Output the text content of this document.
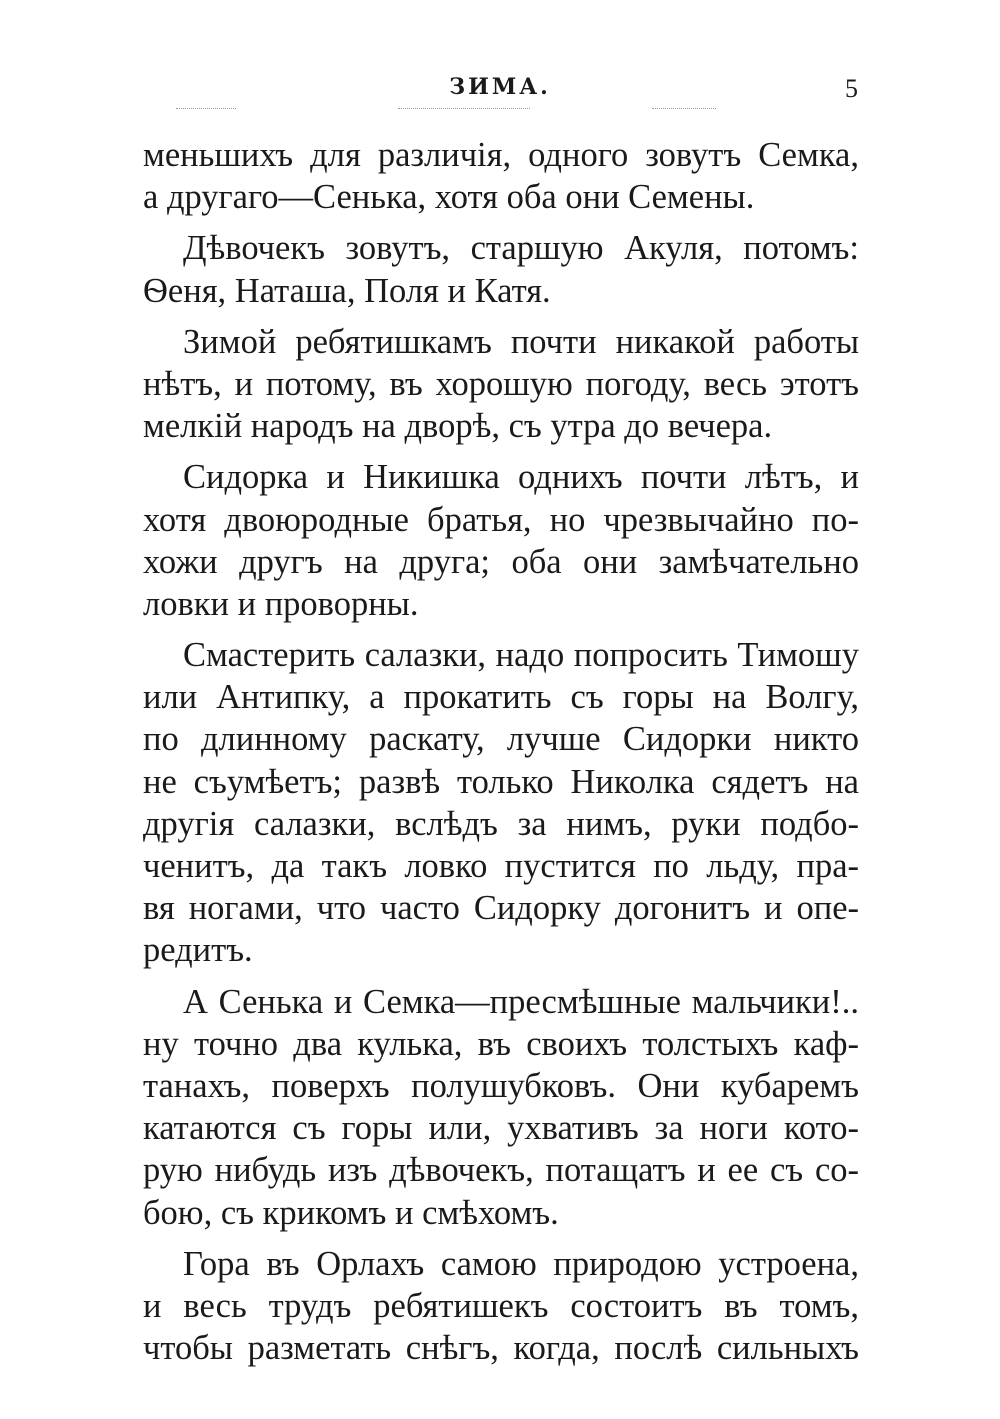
ЗИМА.	5
меньшихъ для различія, одного зовутъ Семка,
а другаго—Сенька, хотя оба они Семены.
Дѣвочекъ зовутъ, старшую Акуля, потомъ:
Ѳеня, Наташа, Поля и Катя.
Зимой ребятишкамъ почти никакой работы
нѣтъ, и потому, въ хорошую погоду, весь этотъ
мелкій народъ на дворѣ, съ утра до вечера.
Сидорка и Никишка однихъ почти лѣтъ, и
хотя двоюродные братья, но чрезвычайно по-
хожи другъ на друга; оба они замѣчательно
ловки и проворны.
Смастерить салазки, надо попросить Тимошу
или Антипку, а прокатить съ горы на Волгу,
по длинному раскату, лучше Сидорки никто
не съумѣетъ; развѣ только Николка сядетъ на
другія салазки, вслѣдъ за нимъ, руки подбо-
ченитъ, да такъ ловко пустится по льду, пра-
вя ногами, что часто Сидорку догонитъ и опе-
редитъ.
А Сенька и Семка—пресмѣшные мальчики!..
ну точно два кулька, въ своихъ толстыхъ каф-
танахъ, поверхъ полушубковъ. Они кубаремъ
катаются съ горы или, ухвативъ за ноги кото-
рую нибудь изъ дѣвочекъ, потащатъ и ее съ со-
бою, съ крикомъ и смѣхомъ.
Гора въ Орлахъ самою природою устроена,
и весь трудъ ребятишекъ состоитъ въ томъ,
чтобы разметать снѣгъ, когда, послѣ сильныхъ
